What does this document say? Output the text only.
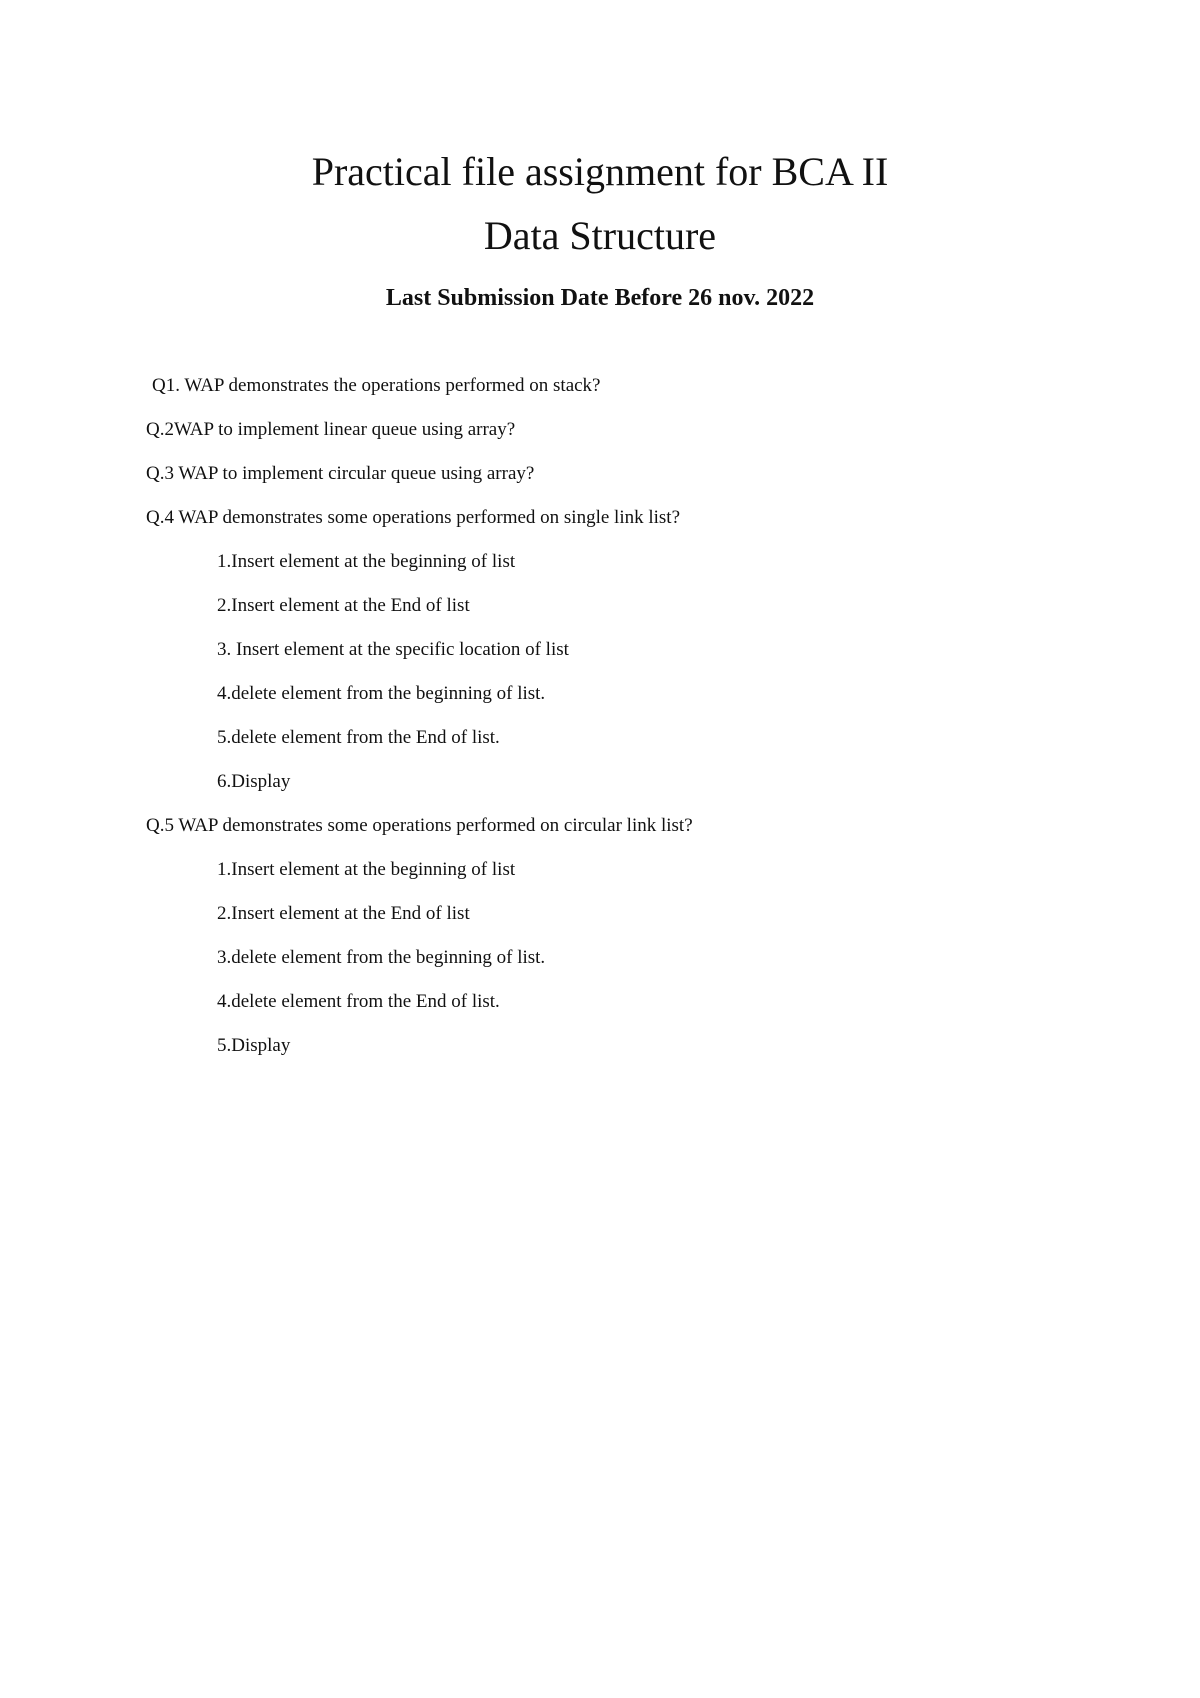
Practical file assignment for BCA II
Data Structure

Last Submission Date Before 26 nov. 2022

Q1. WAP demonstrates the operations performed on stack?

Q.2WAP to implement linear queue using array?

Q.3 WAP to implement circular queue using array?

Q.4 WAP demonstrates some operations performed on single link list?

1.Insert element at the beginning of list

2.Insert element at the End of list

3. Insert element at the specific location of list

4.delete element from the beginning of list.

5.delete element from the End of list.

6.Display

Q.5 WAP demonstrates some operations performed on circular link list?

1.Insert element at the beginning of list

2.Insert element at the End of list

3.delete element from the beginning of list.

4.delete element from the End of list.

5.Display
